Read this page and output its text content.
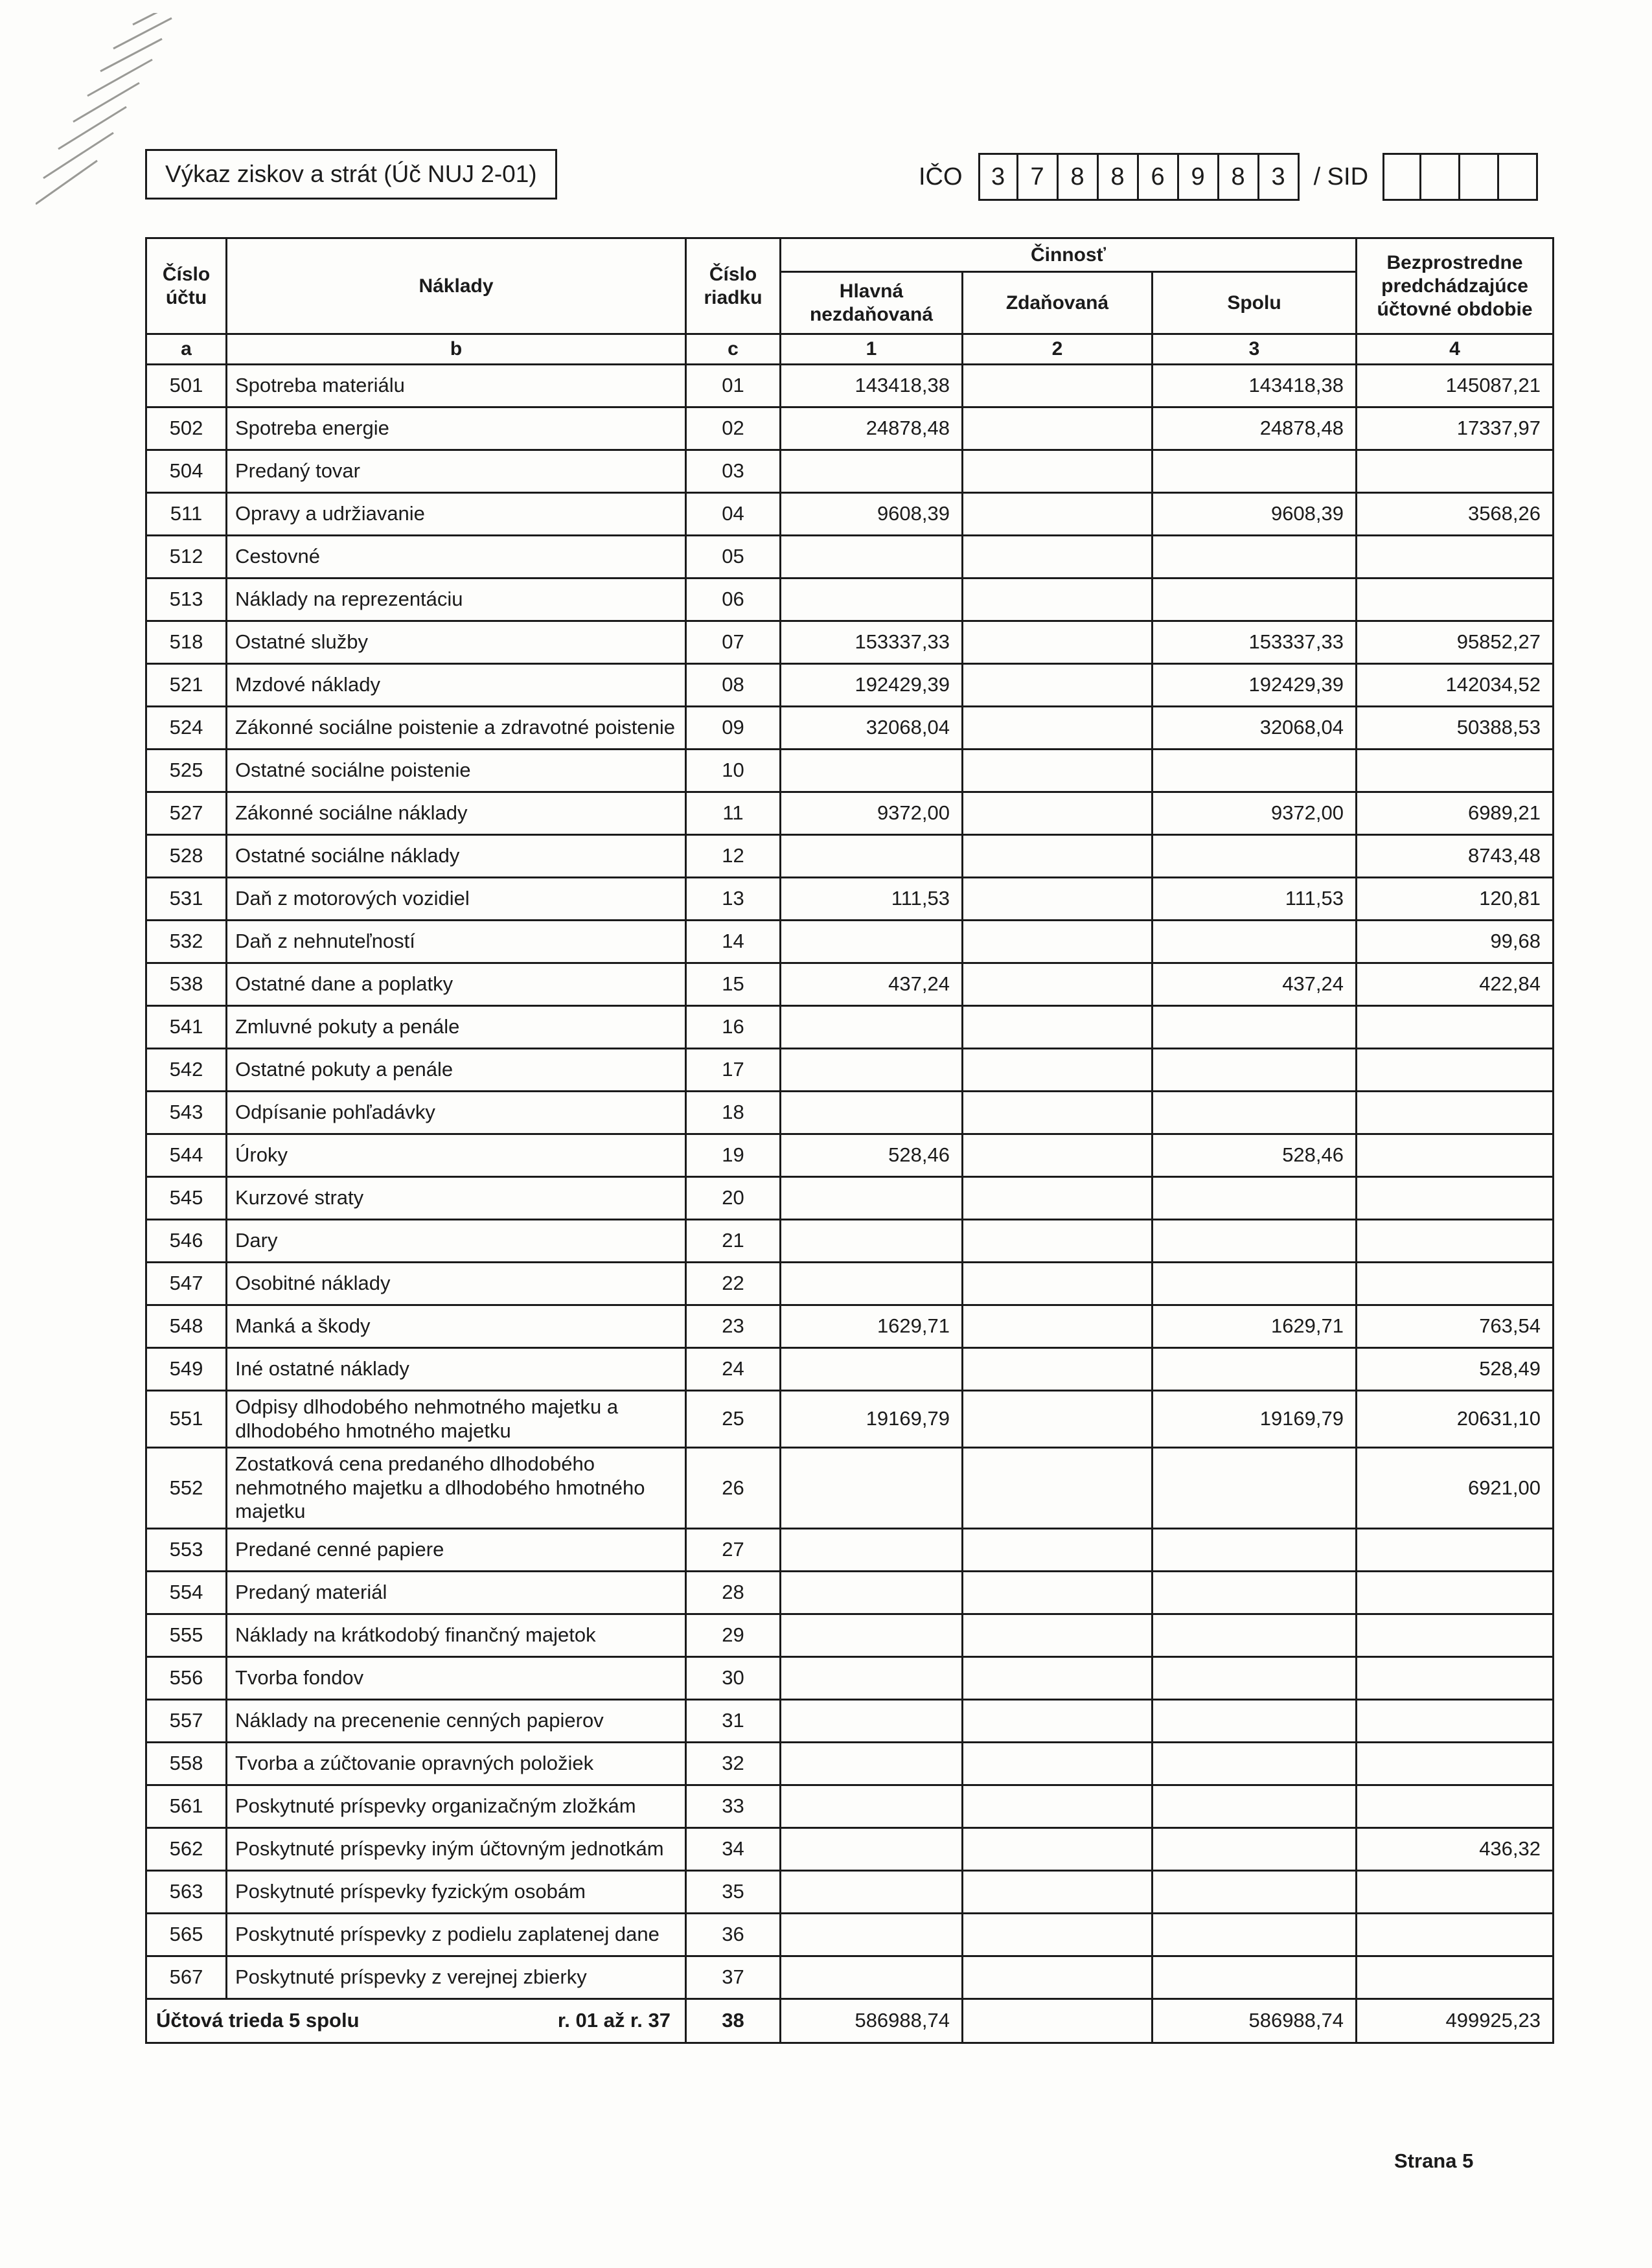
Výkaz ziskov a strát (Úč NUJ 2-01)	IČO	3	7	8	8	6	9	8	3	/ SID
Číslo účtu	Náklady	Číslo riadku	Činnosť			Bezprostredne predchádzajúce účtovné obdobie
			Hlavná nezdaňovaná	Zdaňovaná	Spolu	
a	b	c	1	2	3	4
501	Spotreba materiálu	01	143418,38		143418,38	145087,21
502	Spotreba energie	02	24878,48		24878,48	17337,97
504	Predaný tovar	03				
511	Opravy a udržiavanie	04	9608,39		9608,39	3568,26
512	Cestovné	05				
513	Náklady na reprezentáciu	06				
518	Ostatné služby	07	153337,33		153337,33	95852,27
521	Mzdové náklady	08	192429,39		192429,39	142034,52
524	Zákonné sociálne poistenie a zdravotné poistenie	09	32068,04		32068,04	50388,53
525	Ostatné sociálne poistenie	10				
527	Zákonné sociálne náklady	11	9372,00		9372,00	6989,21
528	Ostatné sociálne náklady	12				8743,48
531	Daň z motorových vozidiel	13	111,53		111,53	120,81
532	Daň z nehnuteľností	14				99,68
538	Ostatné dane a poplatky	15	437,24		437,24	422,84
541	Zmluvné pokuty a penále	16				
542	Ostatné pokuty a penále	17				
543	Odpísanie pohľadávky	18				
544	Úroky	19	528,46		528,46	
545	Kurzové straty	20				
546	Dary	21				
547	Osobitné náklady	22				
548	Manká a škody	23	1629,71		1629,71	763,54
549	Iné ostatné náklady	24				528,49
551	Odpisy dlhodobého nehmotného majetku a dlhodobého hmotného majetku	25	19169,79		19169,79	20631,10
552	Zostatková cena predaného dlhodobého nehmotného majetku a dlhodobého hmotného majetku	26				6921,00
553	Predané cenné papiere	27				
554	Predaný materiál	28				
555	Náklady na krátkodobý finančný majetok	29				
556	Tvorba fondov	30				
557	Náklady na precenenie cenných papierov	31				
558	Tvorba a zúčtovanie opravných položiek	32				
561	Poskytnuté príspevky organizačným zložkám	33				
562	Poskytnuté príspevky iným účtovným jednotkám	34				436,32
563	Poskytnuté príspevky fyzickým osobám	35				
565	Poskytnuté príspevky z podielu zaplatenej dane	36				
567	Poskytnuté príspevky z verejnej zbierky	37				

Účtová trieda 5 spolu r. 01 až r. 37		38	586988,74		586988,74	499925,23
Strana 5
